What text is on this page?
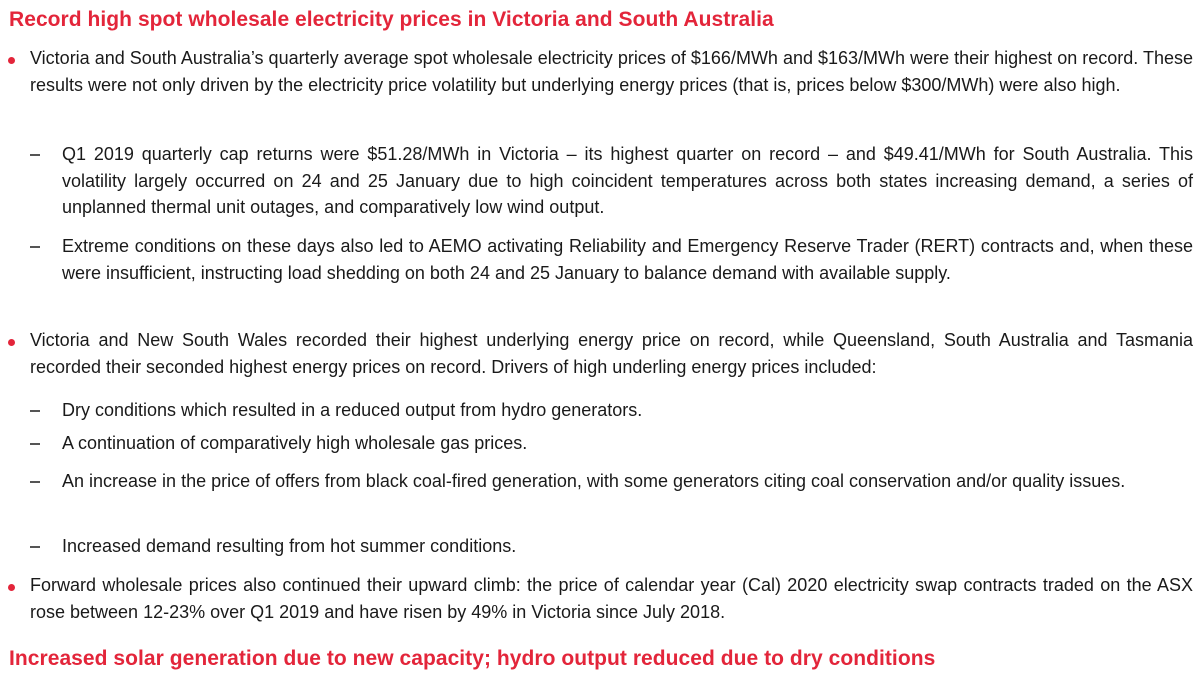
Record high spot wholesale electricity prices in Victoria and South Australia

Victoria and South Australia’s quarterly average spot wholesale electricity prices of $166/MWh and $163/MWh were their highest on record. These results were not only driven by the electricity price volatility but underlying energy prices (that is, prices below $300/MWh) were also high.

Q1 2019 quarterly cap returns were $51.28/MWh in Victoria – its highest quarter on record – and $49.41/MWh for South Australia. This volatility largely occurred on 24 and 25 January due to high coincident temperatures across both states increasing demand, a series of unplanned thermal unit outages, and comparatively low wind output.

Extreme conditions on these days also led to AEMO activating Reliability and Emergency Reserve Trader (RERT) contracts and, when these were insufficient, instructing load shedding on both 24 and 25 January to balance demand with available supply.

Victoria and New South Wales recorded their highest underlying energy price on record, while Queensland, South Australia and Tasmania recorded their seconded highest energy prices on record. Drivers of high underling energy prices included:

Dry conditions which resulted in a reduced output from hydro generators.

A continuation of comparatively high wholesale gas prices.

An increase in the price of offers from black coal-fired generation, with some generators citing coal conservation and/or quality issues.

Increased demand resulting from hot summer conditions.

Forward wholesale prices also continued their upward climb: the price of calendar year (Cal) 2020 electricity swap contracts traded on the ASX rose between 12-23% over Q1 2019 and have risen by 49% in Victoria since July 2018.

Increased solar generation due to new capacity; hydro output reduced due to dry conditions
